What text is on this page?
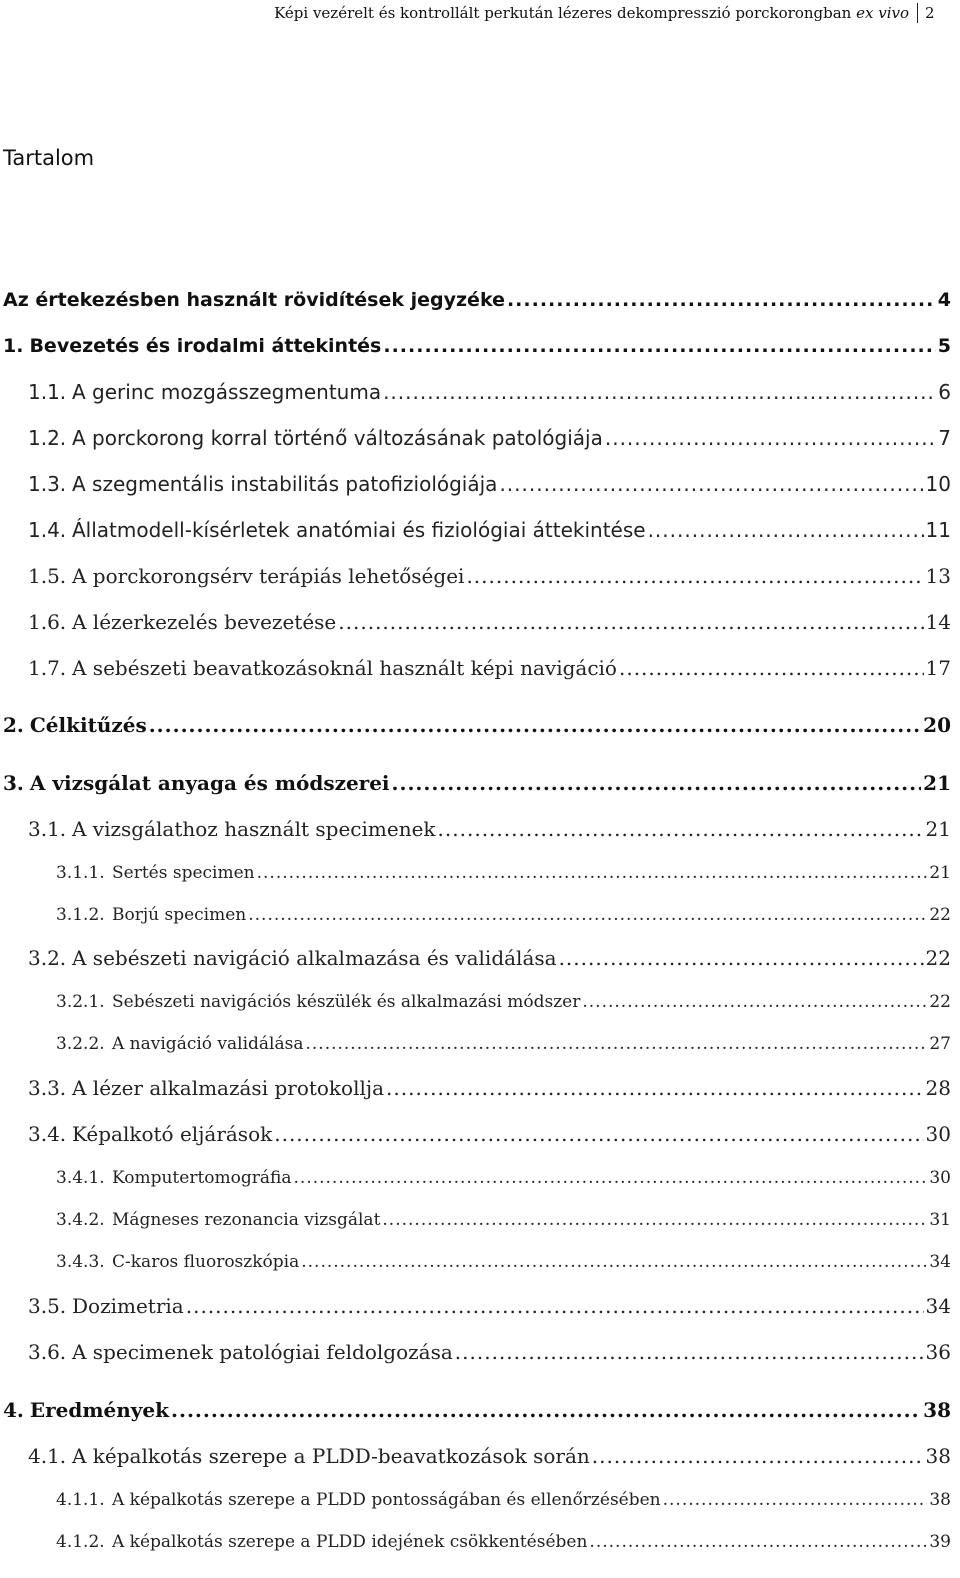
Képi vezérelt és kontrollált perkután lézeres dekompresszió porckorongban ex vivo 2
Tartalom
Az értekezésben használt rövidítések jegyzéke .....	4
1. Bevezetés és irodalmi áttekintés .....	5
1.1. A gerinc mozgásszegmentuma .....	6
1.2. A porckorong korral történő változásának patológiája .....	7
1.3. A szegmentális instabilitás patofiziológiája .....	10
1.4. Állatmodell-kísérletek anatómiai és fiziológiai áttekintése .....	11
1.5. A porckorongsérv terápiás lehetőségei .....	13
1.6. A lézerkezelés bevezetése .....	14
1.7. A sebészeti beavatkozásoknál használt képi navigáció .....	17
2. Célkitűzés .....	20
3. A vizsgálat anyaga és módszerei .....	21
3.1. A vizsgálathoz használt specimenek .....	21
3.1.1. Sertés specimen .....	21
3.1.2. Borjú specimen .....	22
3.2. A sebészeti navigáció alkalmazása és validálása .....	22
3.2.1. Sebészeti navigációs készülék és alkalmazási módszer .....	22
3.2.2. A navigáció validálása .....	27
3.3. A lézer alkalmazási protokollja .....	28
3.4. Képalkotó eljárások .....	30
3.4.1. Komputertomográfia .....	30
3.4.2. Mágneses rezonancia vizsgálat .....	31
3.4.3. C-karos fluoroszkópia .....	34
3.5. Dozimetria .....	34
3.6. A specimenek patológiai feldolgozása .....	36
4. Eredmények .....	38
4.1. A képalkotás szerepe a PLDD-beavatkozások során .....	38
4.1.1. A képalkotás szerepe a PLDD pontosságában és ellenőrzésében .....	38
4.1.2. A képalkotás szerepe a PLDD idejének csökkentésében .....	39
